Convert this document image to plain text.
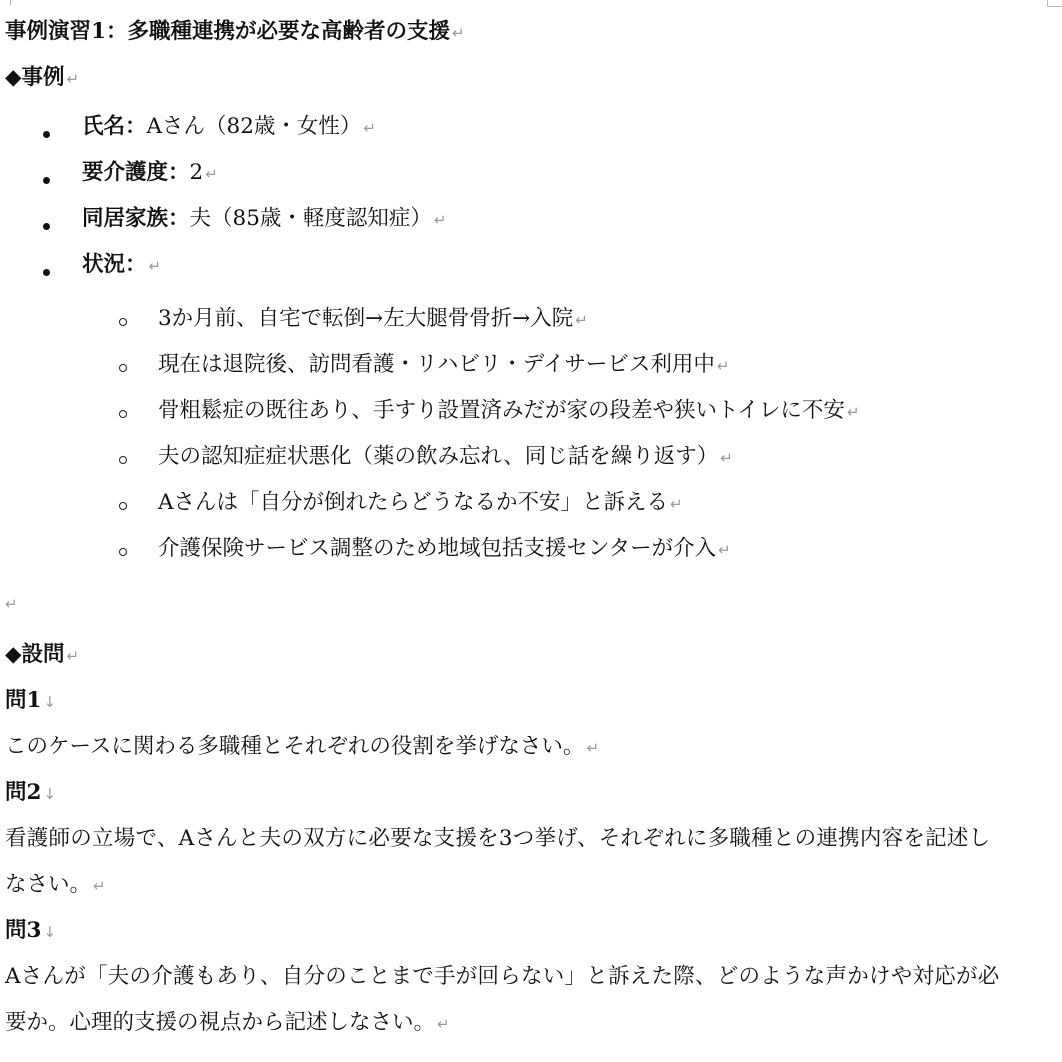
事例演習1：多職種連携が必要な高齢者の支援 ↵
◆事例 ↵
氏名：Aさん（82歳・女性） ↵
要介護度：2 ↵
同居家族：夫（85歳・軽度認知症） ↵
状況： ↵
3か月前、自宅で転倒→左大腿骨骨折→入院 ↵
現在は退院後、訪問看護・リハビリ・デイサービス利用中 ↵
骨粗鬆症の既往あり、手すり設置済みだが家の段差や狭いトイレに不安 ↵
夫の認知症症状悪化（薬の飲み忘れ、同じ話を繰り返す） ↵
Aさんは「自分が倒れたらどうなるか不安」と訴える ↵
介護保険サービス調整のため地域包括支援センターが介入 ↵
↵
◆設問 ↵
問1 ↓
このケースに関わる多職種とそれぞれの役割を挙げなさい。 ↵
問2 ↓
看護師の立場で、Aさんと夫の双方に必要な支援を3つ挙げ、それぞれに多職種との連携内容を記述し
なさい。 ↵
問3 ↓
Aさんが「夫の介護もあり、自分のことまで手が回らない」と訴えた際、どのような声かけや対応が必
要か。心理的支援の視点から記述しなさい。 ↵
